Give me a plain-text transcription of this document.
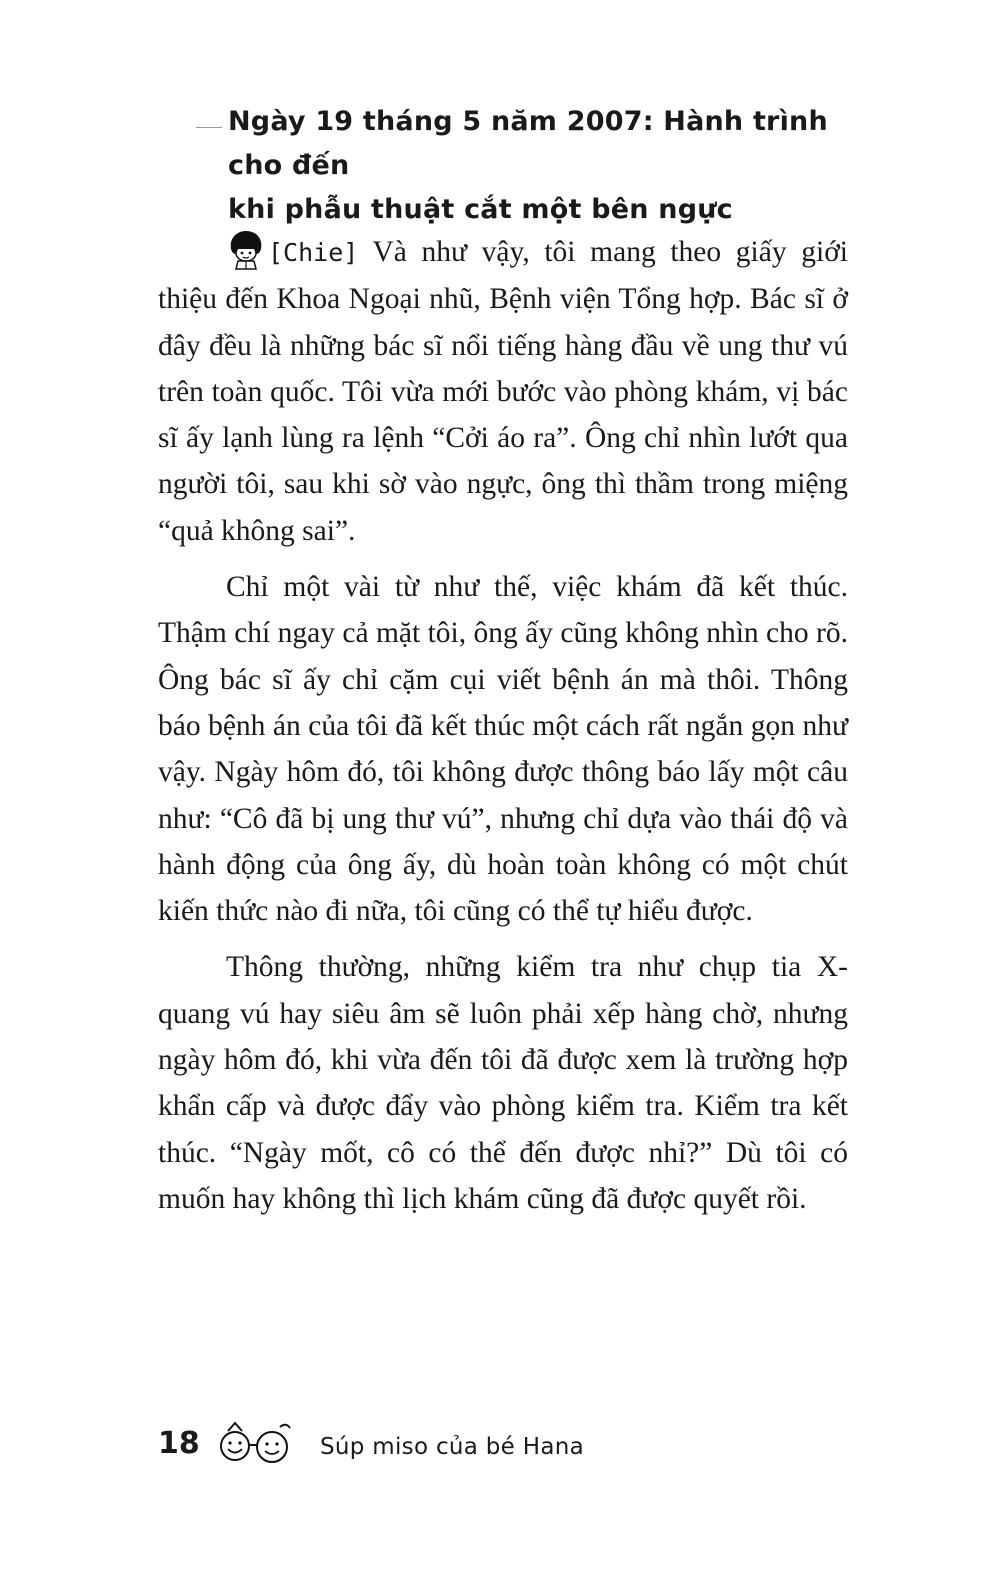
Ngày 19 tháng 5 năm 2007: Hành trình cho đến
khi phẫu thuật cắt một bên ngực

[Chie] Và như vậy, tôi mang theo giấy giới thiệu đến Khoa Ngoại nhũ, Bệnh viện Tổng hợp. Bác sĩ ở đây đều là những bác sĩ nổi tiếng hàng đầu về ung thư vú trên toàn quốc. Tôi vừa mới bước vào phòng khám, vị bác sĩ ấy lạnh lùng ra lệnh “Cởi áo ra”. Ông chỉ nhìn lướt qua người tôi, sau khi sờ vào ngực, ông thì thầm trong miệng “quả không sai”.

Chỉ một vài từ như thế, việc khám đã kết thúc. Thậm chí ngay cả mặt tôi, ông ấy cũng không nhìn cho rõ. Ông bác sĩ ấy chỉ cặm cụi viết bệnh án mà thôi. Thông báo bệnh án của tôi đã kết thúc một cách rất ngắn gọn như vậy. Ngày hôm đó, tôi không được thông báo lấy một câu như: “Cô đã bị ung thư vú”, nhưng chỉ dựa vào thái độ và hành động của ông ấy, dù hoàn toàn không có một chút kiến thức nào đi nữa, tôi cũng có thể tự hiểu được.

Thông thường, những kiểm tra như chụp tia X-quang vú hay siêu âm sẽ luôn phải xếp hàng chờ, nhưng ngày hôm đó, khi vừa đến tôi đã được xem là trường hợp khẩn cấp và được đẩy vào phòng kiểm tra. Kiểm tra kết thúc. “Ngày mốt, cô có thể đến được nhỉ?” Dù tôi có muốn hay không thì lịch khám cũng đã được quyết rồi.

18	Súp miso của bé Hana
